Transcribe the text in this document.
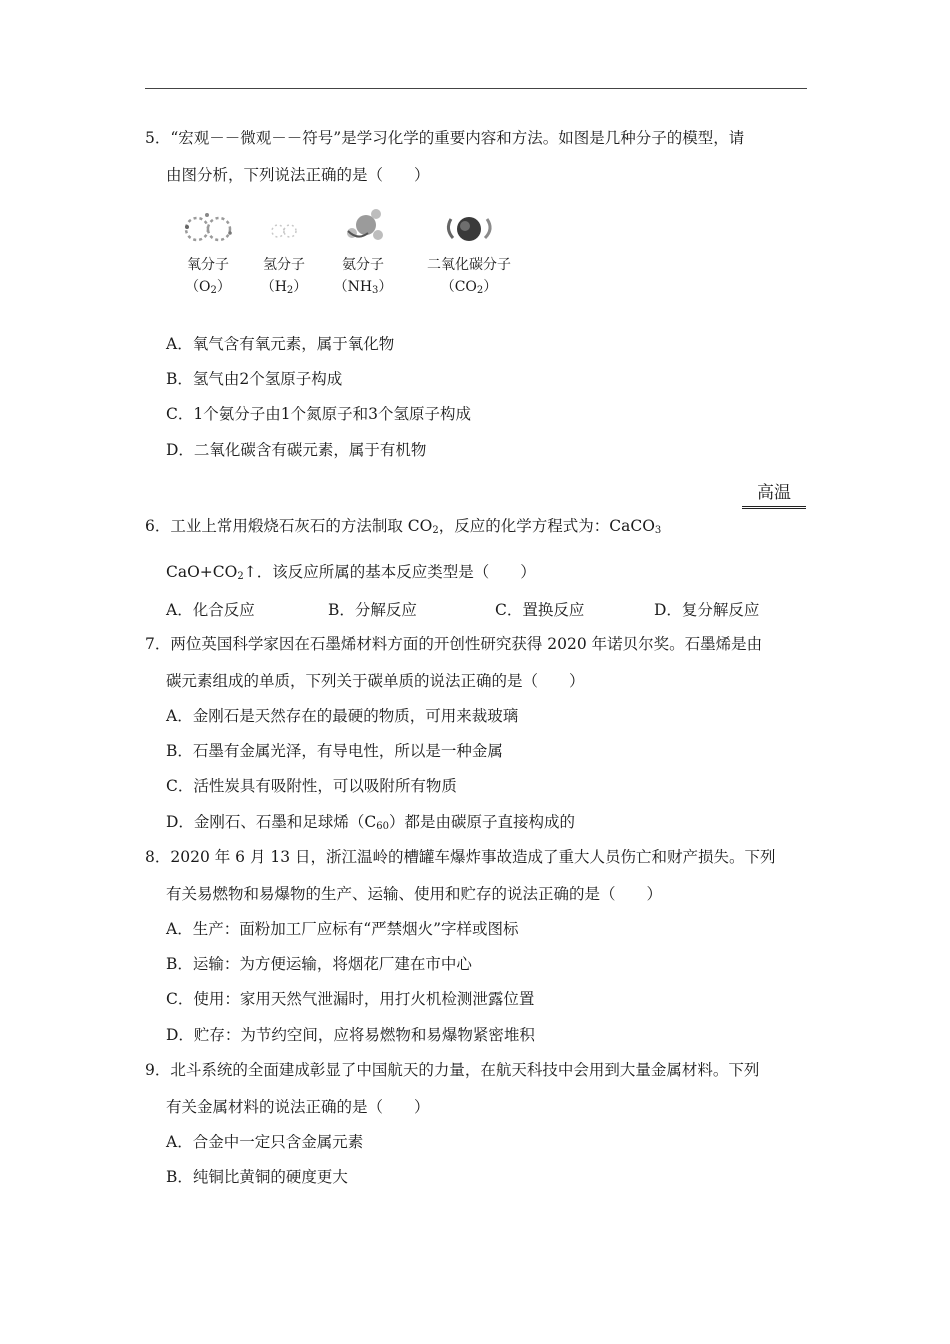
5．“宏观－－微观－－符号”是学习化学的重要内容和方法。如图是几种分子的模型，请
由图分析，下列说法正确的是（　　）
氧分子
$(O_2)$
氢分子
$(H_2)$
氨分子
$(NH_3)$
二氧化碳分子
$(CO_2)$
A．氧气含有氧元素，属于氧化物
B．氢气由2个氢原子构成
C．1个氨分子由1个氮原子和3个氢原子构成
D．二氧化碳含有碳元素，属于有机物
高温
6．工业上常用煅烧石灰石的方法制取 $CO_2$，反应的化学方程式为：CaCO$_3$
$CaO+CO_2↑$．该反应所属的基本反应类型是（　　）
A．化合反应	B．分解反应	C．置换反应	D．复分解反应
7．两位英国科学家因在石墨烯材料方面的开创性研究获得 2020 年诺贝尔奖。石墨烯是由
碳元素组成的单质，下列关于碳单质的说法正确的是（　　）
A．金刚石是天然存在的最硬的物质，可用来裁玻璃
B．石墨有金属光泽，有导电性，所以是一种金属
C．活性炭具有吸附性，可以吸附所有物质
D．金刚石、石墨和足球烯$(C_{60})$都是由碳原子直接构成的
8．2020 年 6 月 13 日，浙江温岭的槽罐车爆炸事故造成了重大人员伤亡和财产损失。下列
有关易燃物和易爆物的生产、运输、使用和贮存的说法正确的是（　　）
A．生产：面粉加工厂应标有“严禁烟火”字样或图标
B．运输：为方便运输，将烟花厂建在市中心
C．使用：家用天然气泄漏时，用打火机检测泄露位置
D．贮存：为节约空间，应将易燃物和易爆物紧密堆积
9．北斗系统的全面建成彰显了中国航天的力量，在航天科技中会用到大量金属材料。下列
有关金属材料的说法正确的是（　　）
A．合金中一定只含金属元素
B．纯铜比黄铜的硬度更大
